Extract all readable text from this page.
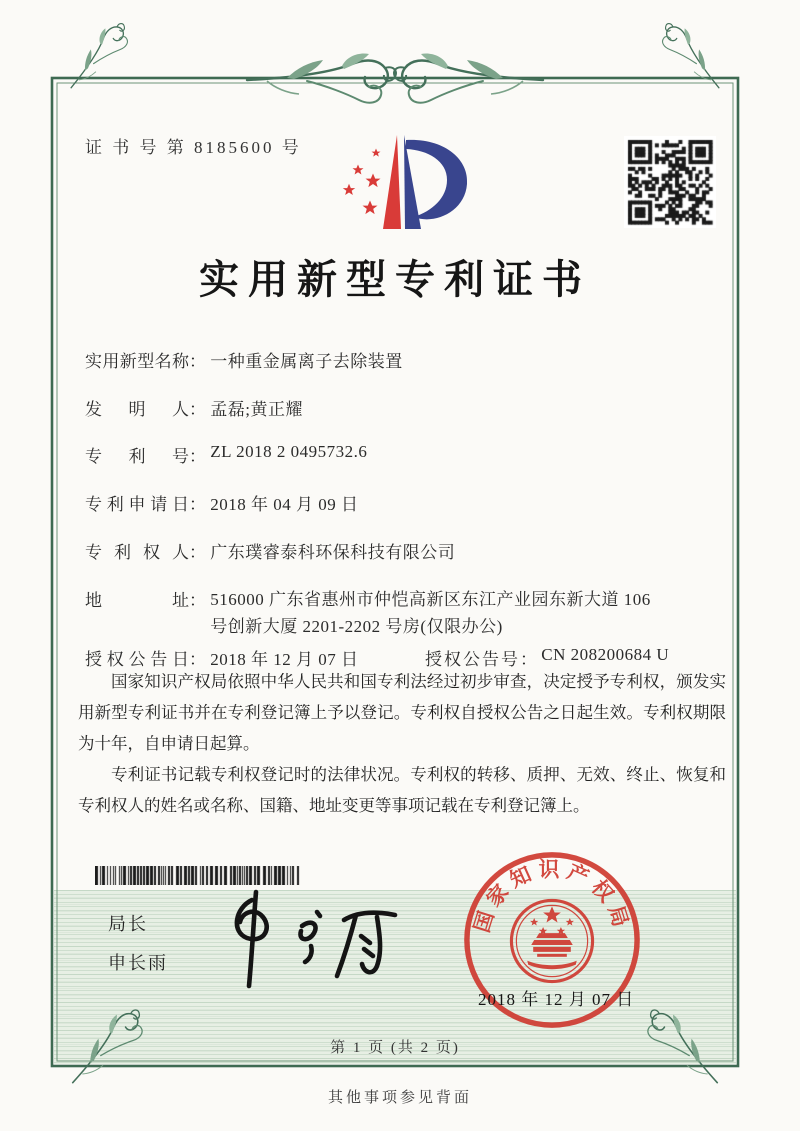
证 书 号 第 8185600 号
实用新型专利证书
实用新型名称： 一种重金属离子去除装置
发明人： 孟磊;黄正耀
专利号： ZL 2018 2 0495732.6
专利申请日： 2018 年 04 月 09 日
专利权人： 广东璞睿泰科环保科技有限公司
地址： 516000 广东省惠州市仲恺高新区东江产业园东新大道 106 号创新大厦 2201-2202 号房(仅限办公)
授权公告日： 2018 年 12 月 07 日	授权公告号： CN 208200684 U

国家知识产权局依照中华人民共和国专利法经过初步审查，决定授予专利权，颁发实用新型专利证书并在专利登记簿上予以登记。专利权自授权公告之日起生效。专利权期限为十年，自申请日起算。

专利证书记载专利权登记时的法律状况。专利权的转移、质押、无效、终止、恢复和专利权人的姓名或名称、国籍、地址变更等事项记载在专利登记簿上。

局长
申长雨
国家知识产权局
2018 年 12 月 07 日
第 1 页 (共 2 页)
其他事项参见背面
